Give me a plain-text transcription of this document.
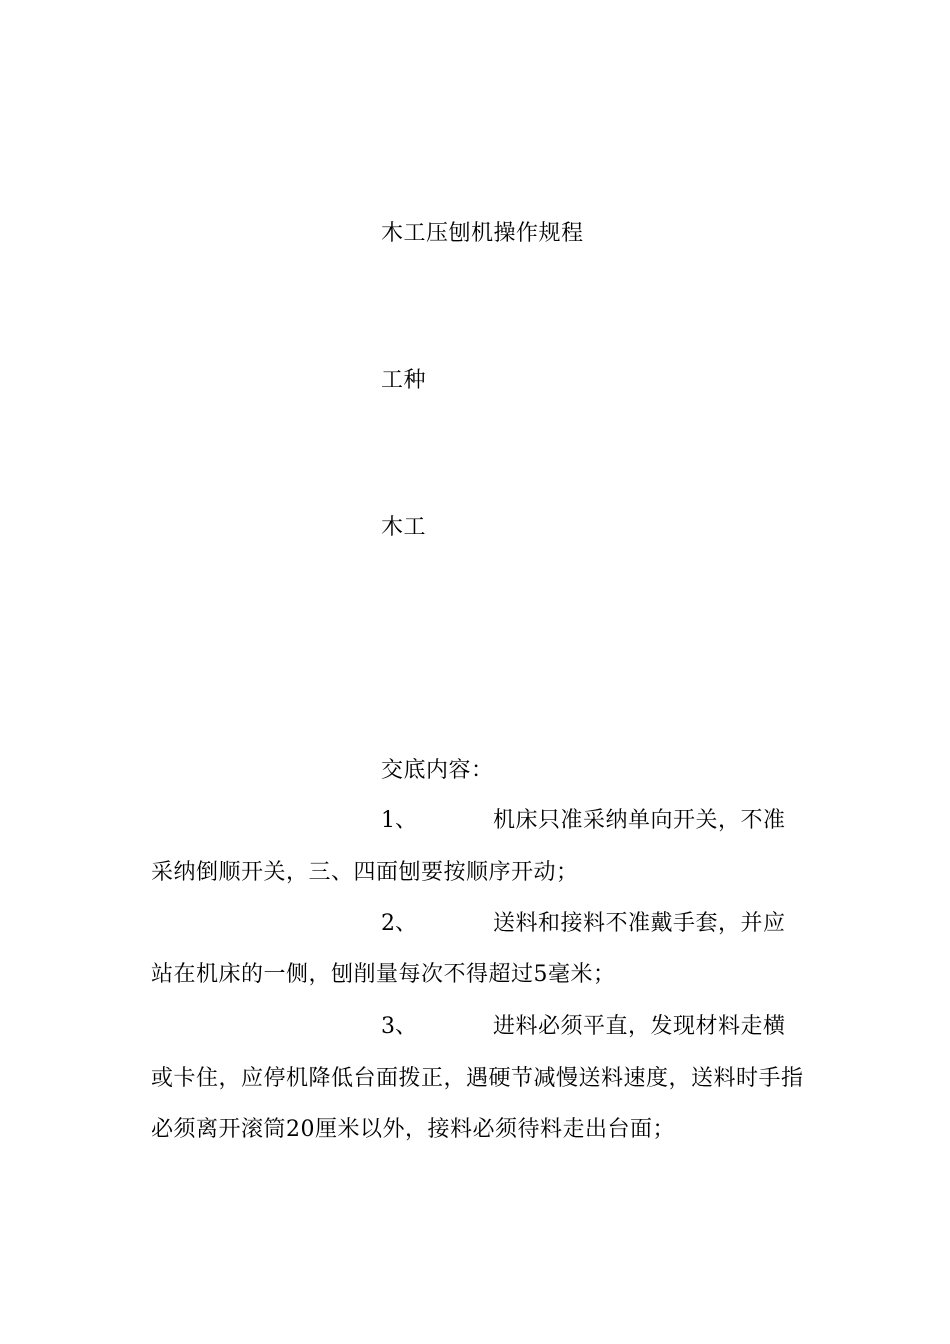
木工压刨机操作规程
工种
木工
交底内容：
1、	机床只准采纳单向开关，不准
采纳倒顺开关，三、四面刨要按顺序开动；
2、	送料和接料不准戴手套，并应
站在机床的一侧，刨削量每次不得超过5毫米；
3、	进料必须平直，发现材料走横
或卡住，应停机降低台面拨正，遇硬节减慢送料速度，送料时手指
必须离开滚筒20厘米以外，接料必须待料走出台面；
